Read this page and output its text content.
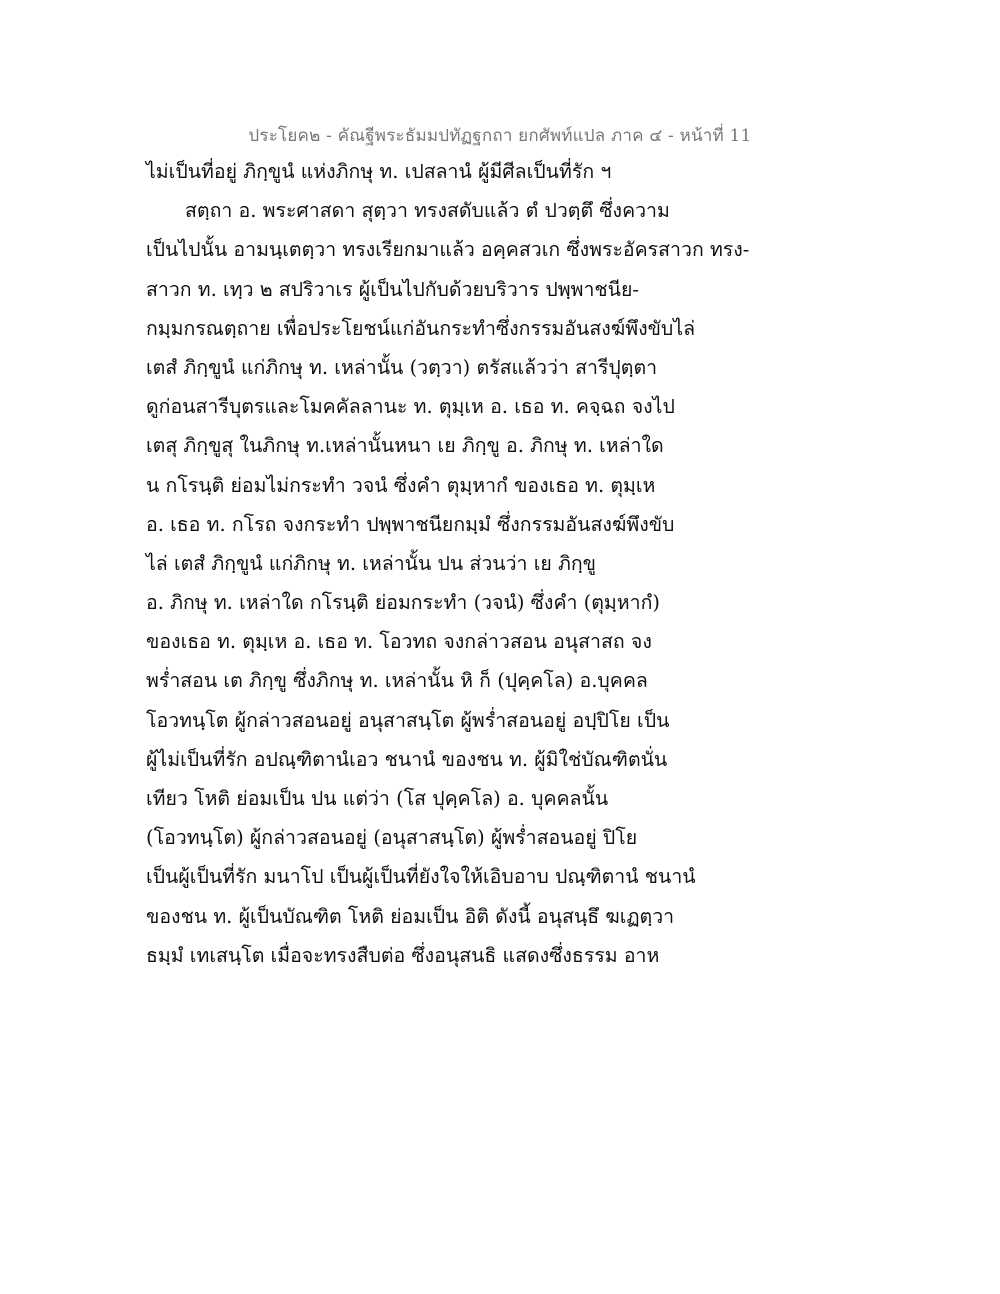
ประโยค๒ - คัณฐีพระธัมมปทัฏฐกถา ยกศัพท์แปล ภาค ๔ - หน้าที่ 11
ไม่เป็นที่อยู่ ภิกฺขูนํ แห่งภิกษุ ท. เปสลานํ ผู้มีศีลเป็นที่รัก ฯ
สตฺถา อ. พระศาสดา สุตฺวา ทรงสดับแล้ว ตํ ปวตฺตึ ซึ่งความ
เป็นไปนั้น อามนฺเตตฺวา ทรงเรียกมาแล้ว อคฺคสวเก ซึ่งพระอัครสาวก ทรง-
สาวก ท. เทฺว ๒ สปริวาเร ผู้เป็นไปกับด้วยบริวาร ปพฺพาชนีย-
กมฺมกรณตฺถาย เพื่อประโยชน์แก่อันกระทำซึ่งกรรมอันสงฆ์พึงขับไล่
เตสํ ภิกฺขูนํ แก่ภิกษุ ท. เหล่านั้น (วตฺวา) ตรัสแล้วว่า สารีปุตฺตา
ดูก่อนสารีบุตรและโมคคัลลานะ ท. ตุมฺเห อ. เธอ ท. คจฺฉถ จงไป
เตสุ ภิกฺขูสุ ในภิกษุ ท.เหล่านั้นหนา เย ภิกฺขู อ. ภิกษุ ท. เหล่าใด
น กโรนฺติ ย่อมไม่กระทำ วจนํ ซึ่งคำ ตุมฺหากํ ของเธอ ท. ตุมฺเห
อ. เธอ ท. กโรถ จงกระทำ ปพฺพาชนียกมฺมํ ซึ่งกรรมอันสงฆ์พึงขับ
ไล่ เตสํ ภิกฺขูนํ แก่ภิกษุ ท. เหล่านั้น ปน ส่วนว่า เย ภิกฺขู
อ. ภิกษุ ท. เหล่าใด กโรนฺติ ย่อมกระทำ (วจนํ) ซึ่งคำ (ตุมฺหากํ)
ของเธอ ท. ตุมฺเห อ. เธอ ท. โอวทถ จงกล่าวสอน อนุสาสถ จง
พร่ำสอน เต ภิกฺขู ซึ่งภิกษุ ท. เหล่านั้น หิ ก็ (ปุคฺคโล) อ.บุคคล
โอวทนฺโต ผู้กล่าวสอนอยู่ อนุสาสนฺโต ผู้พร่ำสอนอยู่ อปฺปิโย เป็น
ผู้ไม่เป็นที่รัก อปณฺฑิตานํเอว ชนานํ ของชน ท. ผู้มิใช่บัณฑิตนั่น
เทียว โหติ ย่อมเป็น ปน แต่ว่า (โส ปุคฺคโล) อ. บุคคลนั้น
(โอวทนฺโต) ผู้กล่าวสอนอยู่ (อนุสาสนฺโต) ผู้พร่ำสอนอยู่ ปิโย
เป็นผู้เป็นที่รัก มนาโป เป็นผู้เป็นที่ยังใจให้เอิบอาบ ปณฺฑิตานํ ชนานํ
ของชน ท. ผู้เป็นบัณฑิต โหติ ย่อมเป็น อิติ ดังนี้ อนุสนฺธึ ฆเฏตฺวา
ธมฺมํ เทเสนฺโต เมื่อจะทรงสืบต่อ ซึ่งอนุสนธิ แสดงซึ่งธรรม อาห
